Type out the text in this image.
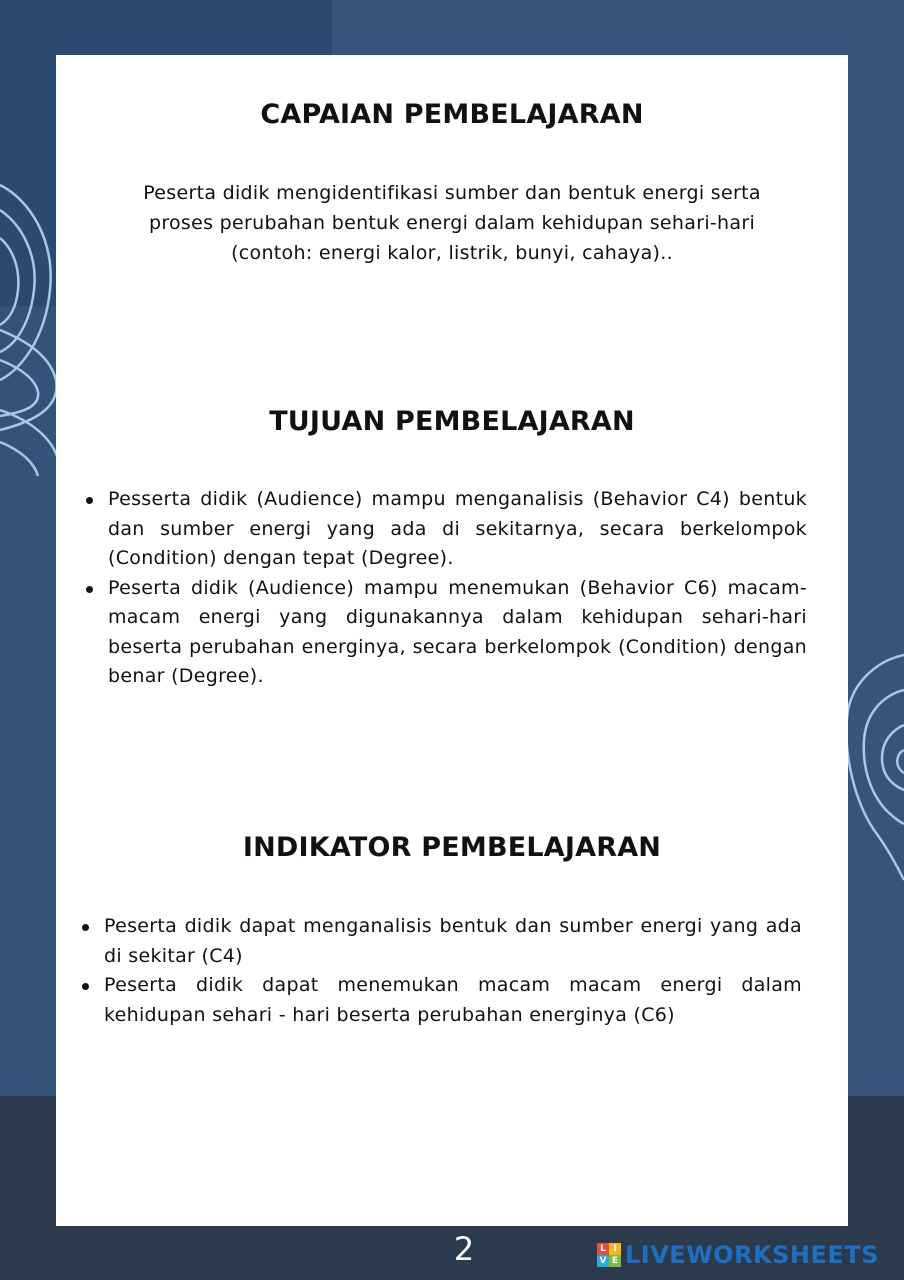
CAPAIAN PEMBELAJARAN

Peserta didik mengidentifikasi sumber dan bentuk energi serta
proses perubahan bentuk energi dalam kehidupan sehari-hari
(contoh: energi kalor, listrik, bunyi, cahaya)..

TUJUAN PEMBELAJARAN
Pesserta didik (Audience) mampu menganalisis (Behavior C4) bentuk dan sumber energi yang ada di sekitarnya, secara berkelompok (Condition) dengan tepat (Degree).
Peserta didik (Audience) mampu menemukan (Behavior C6) macam-macam energi yang digunakannya dalam kehidupan sehari-hari beserta perubahan energinya, secara berkelompok (Condition) dengan benar (Degree).
INDIKATOR PEMBELAJARAN
Peserta didik dapat menganalisis bentuk dan sumber energi yang ada di sekitar (C4)
Peserta didik dapat menemukan macam macam energi dalam kehidupan sehari - hari beserta perubahan energinya (C6)
2	L I
V E LIVEWORKSHEETS
